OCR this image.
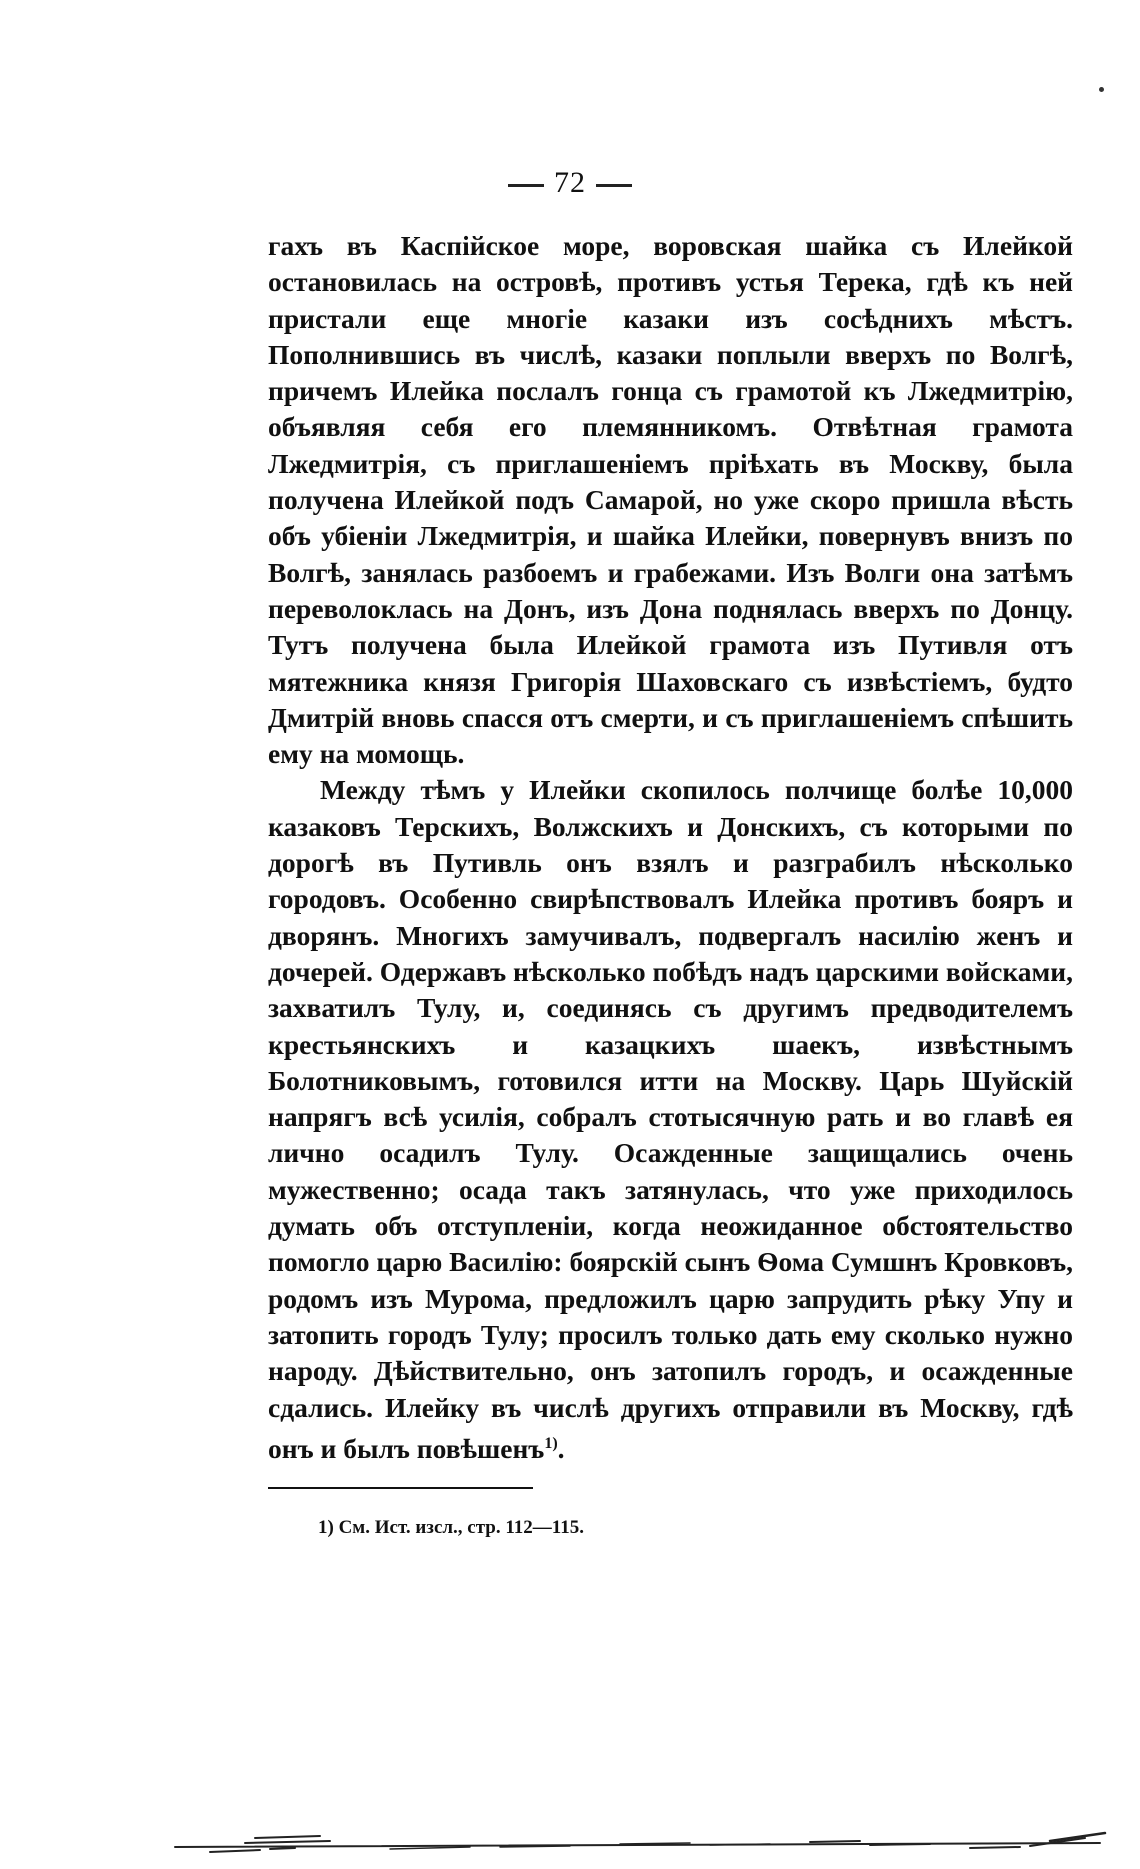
72

гахъ въ Каспійское море, воровская шайка съ Илейкой остановилась на островѣ, противъ устья Терека, гдѣ къ ней пристали еще многіе казаки изъ сосѣднихъ мѣстъ. Пополнившись въ числѣ, казаки поплыли вверхъ по Волгѣ, причемъ Илейка послалъ гонца съ грамотой къ Лжедмитрію, объявляя себя его племянникомъ. Отвѣтная грамота Лжедмитрія, съ приглашеніемъ пріѣхать въ Москву, была получена Илейкой подъ Самарой, но уже скоро пришла вѣсть объ убіеніи Лжедмитрія, и шайка Илейки, повернувъ внизъ по Волгѣ, занялась разбоемъ и грабежами. Изъ Волги она затѣмъ переволоклась на Донъ, изъ Дона поднялась вверхъ по Донцу. Тутъ получена была Илейкой грамота изъ Путивля отъ мятежника князя Григорія Шаховскаго съ извѣстіемъ, будто Дмитрій вновь спасся отъ смерти, и съ приглашеніемъ спѣшить ему на момощь.

Между тѣмъ у Илейки скопилось полчище болѣе 10,000 казаковъ Терскихъ, Волжскихъ и Донскихъ, съ которыми по дорогѣ въ Путивль онъ взялъ и разграбилъ нѣсколько городовъ. Особенно свирѣпствовалъ Илейка противъ бояръ и дворянъ. Многихъ замучивалъ, подвергалъ насилію женъ и дочерей. Одержавъ нѣсколько побѣдъ надъ царскими войсками, захватилъ Тулу, и, соединясь съ другимъ предводителемъ крестьянскихъ и казацкихъ шаекъ, извѣстнымъ Болотниковымъ, готовился итти на Москву. Царь Шуйскій напрягъ всѣ усилія, собралъ стотысячную рать и во главѣ ея лично осадилъ Тулу. Осажденные защищались очень мужественно; осада такъ затянулась, что уже приходилось думать объ отступленіи, когда неожиданное обстоятельство помогло царю Василію: боярскій сынъ Ѳома Сумшнъ Кровковъ, родомъ изъ Мурома, предложилъ царю запрудить рѣку Упу и затопить городъ Тулу; просилъ только дать ему сколько нужно народу. Дѣйствительно, онъ затопилъ городъ, и осажденные сдались. Илейку въ числѣ другихъ отправили въ Москву, гдѣ онъ и былъ повѣшенъ$^{1)}$.

1) См. Ист. изсл., стр. 112—115.
